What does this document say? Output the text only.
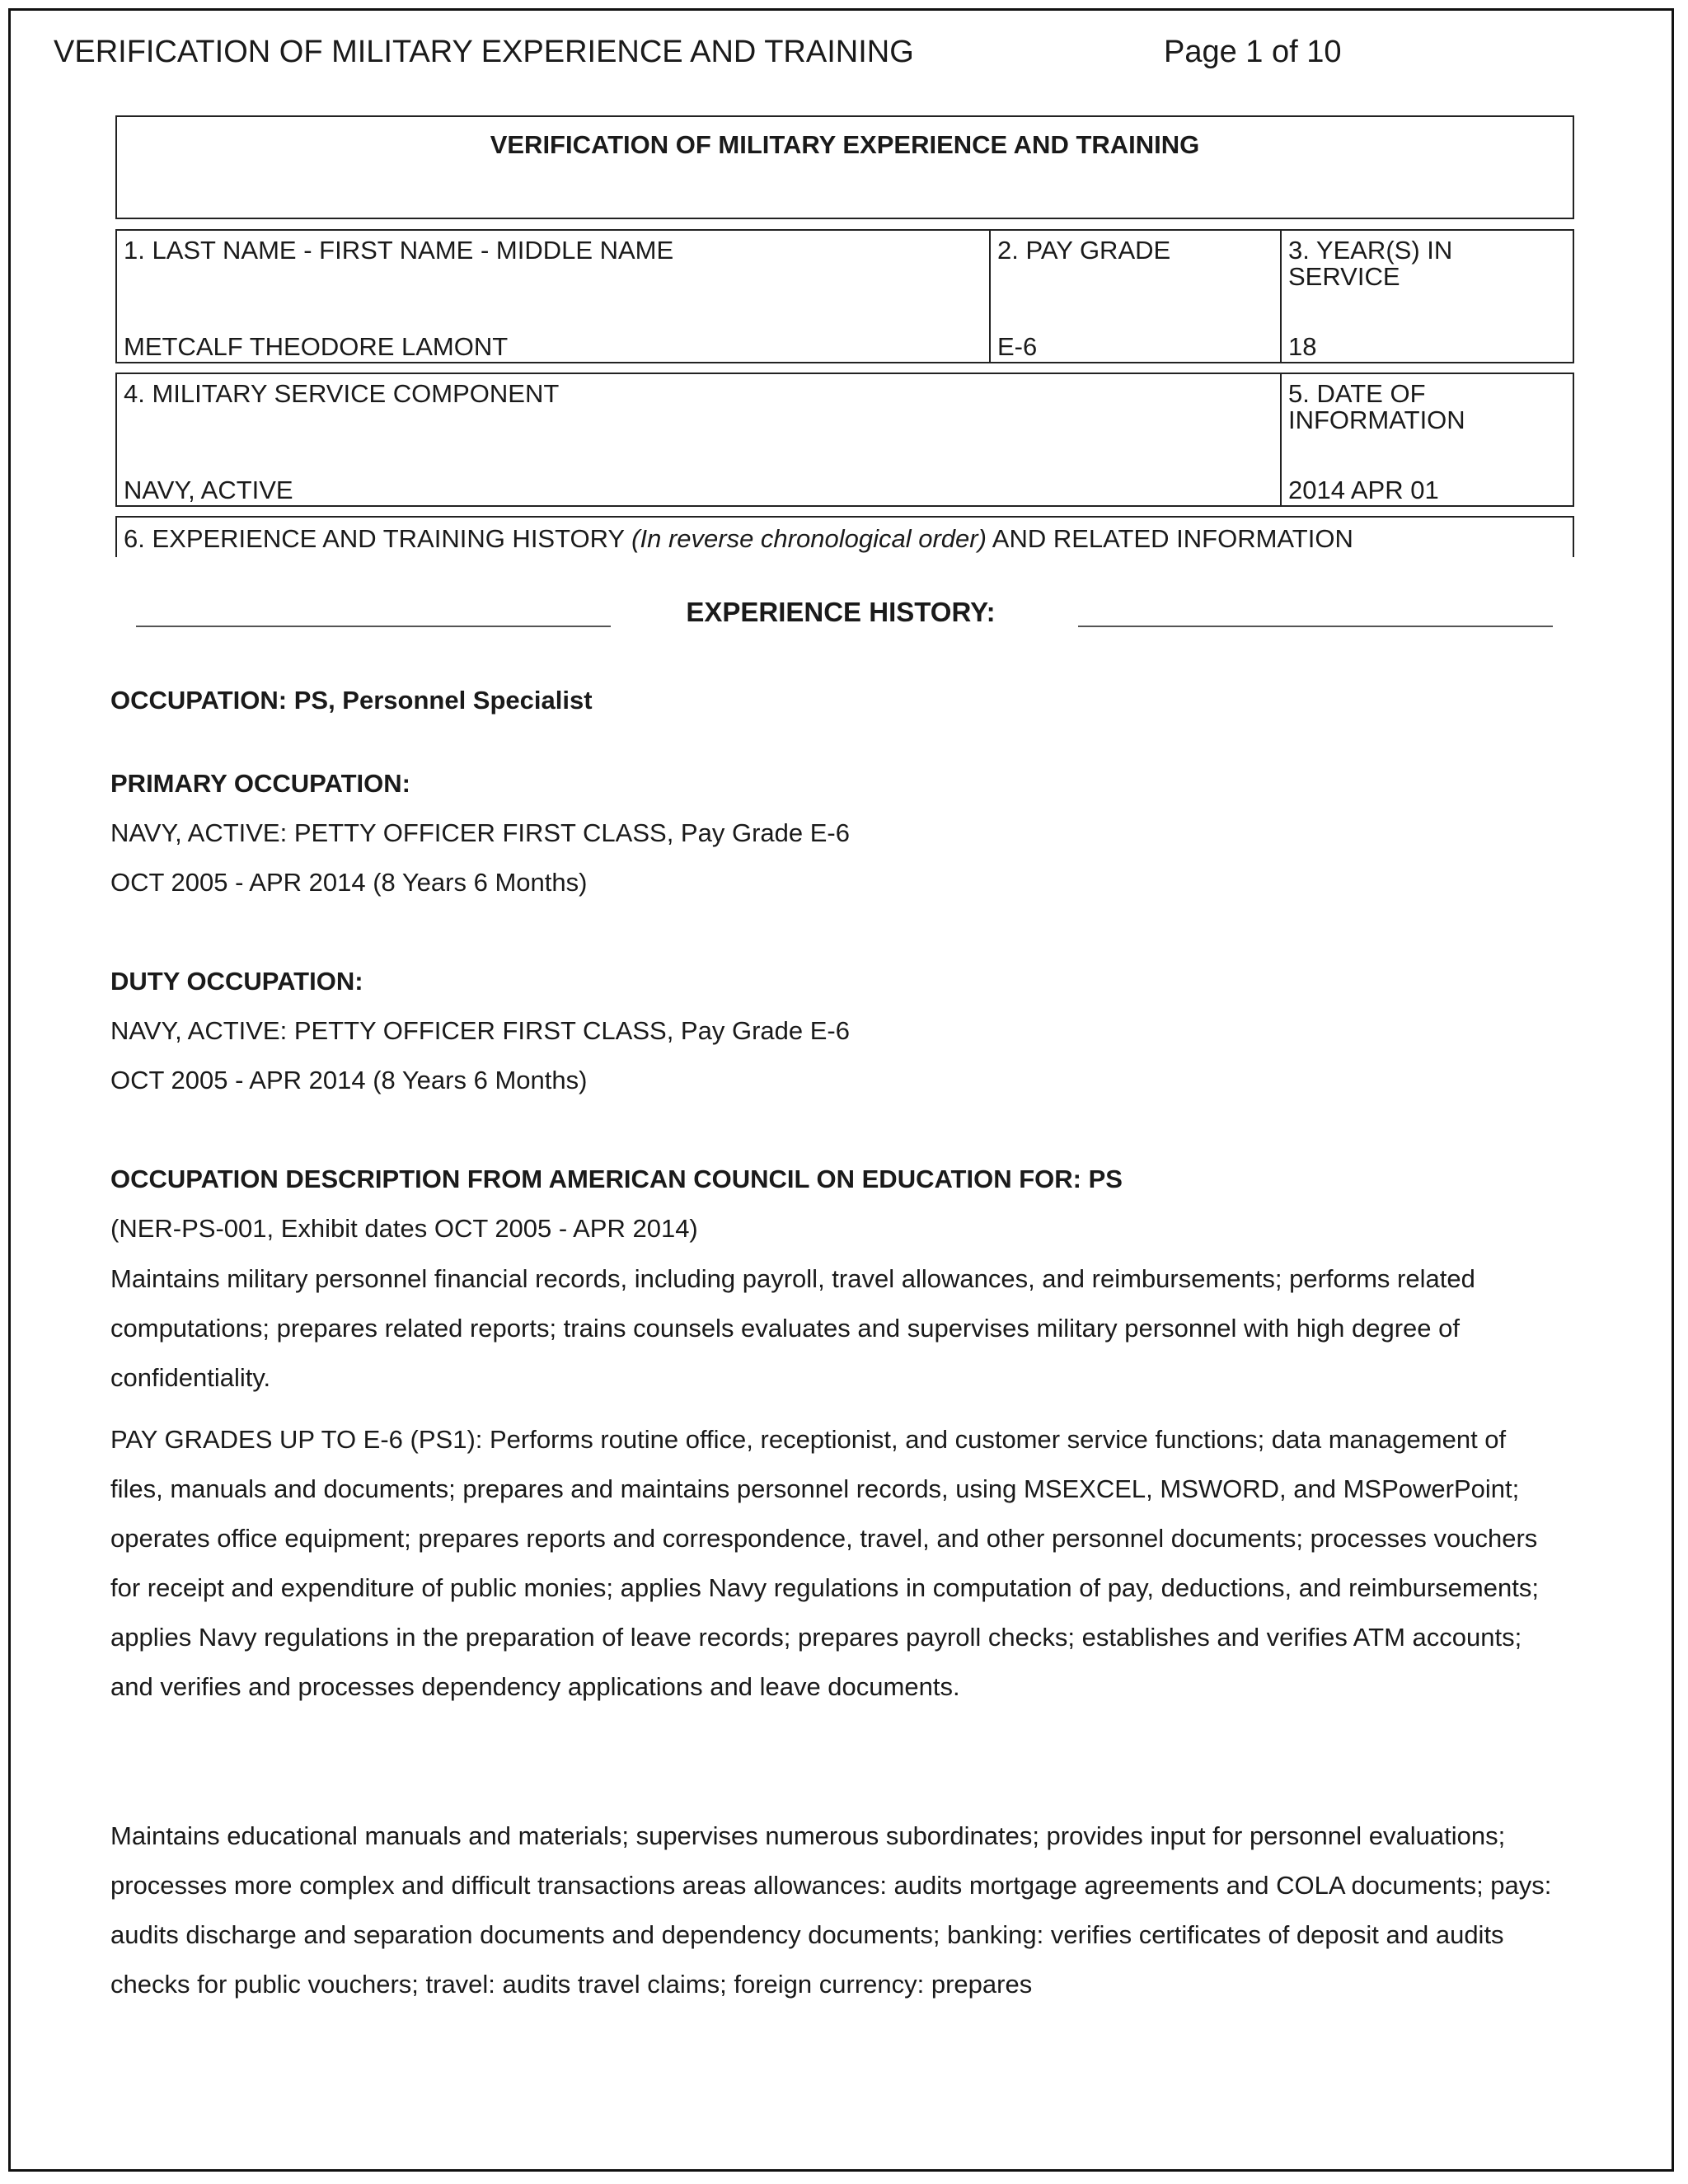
VERIFICATION OF MILITARY EXPERIENCE AND TRAINING	Page 1 of 10
VERIFICATION OF MILITARY EXPERIENCE AND TRAINING
1. LAST NAME - FIRST NAME - MIDDLE NAME
METCALF THEODORE LAMONT
2. PAY GRADE
E-6
3. YEAR(S) IN
SERVICE
18
4. MILITARY SERVICE COMPONENT
NAVY, ACTIVE
5. DATE OF
INFORMATION
2014 APR 01
6. EXPERIENCE AND TRAINING HISTORY (In reverse chronological order) AND RELATED INFORMATION
EXPERIENCE HISTORY:
OCCUPATION: PS, Personnel Specialist
PRIMARY OCCUPATION:
NAVY, ACTIVE: PETTY OFFICER FIRST CLASS, Pay Grade E-6
OCT 2005 - APR 2014 (8 Years 6 Months)
DUTY OCCUPATION:
NAVY, ACTIVE: PETTY OFFICER FIRST CLASS, Pay Grade E-6
OCT 2005 - APR 2014 (8 Years 6 Months)
OCCUPATION DESCRIPTION FROM AMERICAN COUNCIL ON EDUCATION FOR: PS
(NER-PS-001, Exhibit dates OCT 2005 - APR 2014)
Maintains military personnel financial records, including payroll, travel allowances, and reimbursements; performs related computations; prepares related reports; trains counsels evaluates and supervises military personnel with high degree of confidentiality.
PAY GRADES UP TO E-6 (PS1): Performs routine office, receptionist, and customer service functions; data management of files, manuals and documents; prepares and maintains personnel records, using MSEXCEL, MSWORD, and MSPowerPoint; operates office equipment; prepares reports and correspondence, travel, and other personnel documents; processes vouchers for receipt and expenditure of public monies; applies Navy regulations in computation of pay, deductions, and reimbursements; applies Navy regulations in the preparation of leave records; prepares payroll checks; establishes and verifies ATM accounts; and verifies and processes dependency applications and leave documents.
Maintains educational manuals and materials; supervises numerous subordinates; provides input for personnel evaluations; processes more complex and difficult transactions areas allowances: audits mortgage agreements and COLA documents; pays: audits discharge and separation documents and dependency documents; banking: verifies certificates of deposit and audits checks for public vouchers; travel: audits travel claims; foreign currency: prepares
